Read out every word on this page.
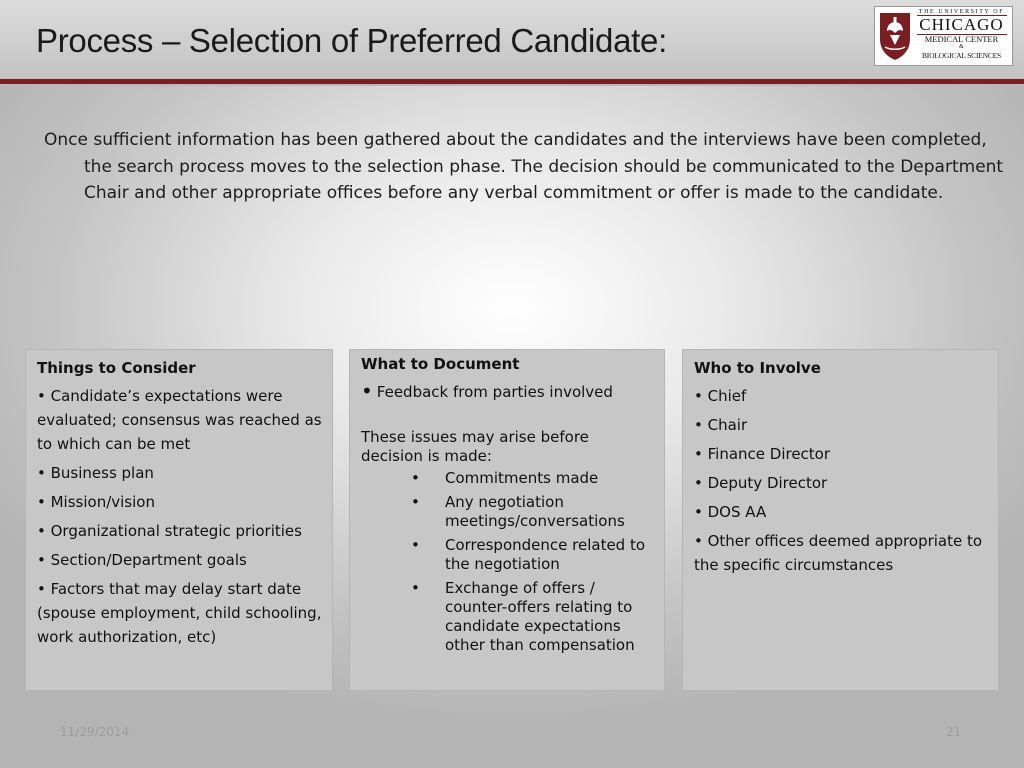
Process – Selection of Preferred Candidate:
THE UNIVERSITY OF
CHICAGO
MEDICAL CENTER
&
BIOLOGICAL SCIENCES
Once sufficient information has been gathered about the candidates and the interviews have been completed, the search process moves to the selection phase. The decision should be communicated to the Department Chair and other appropriate offices before any verbal commitment or offer is made to the candidate.
Things to Consider
• Candidate’s expectations were evaluated; consensus was reached as to which can be met
• Business plan
• Mission/vision
• Organizational strategic priorities
• Section/Department goals
• Factors that may delay start date (spouse employment, child schooling, work authorization, etc)
What to Document
• Feedback from parties involved
These issues may arise before decision is made:
• Commitments made
• Any negotiation meetings/conversations
• Correspondence related to the negotiation
• Exchange of offers / counter-offers relating to candidate expectations other than compensation
Who to Involve
• Chief
• Chair
• Finance Director
• Deputy Director
• DOS AA
• Other offices deemed appropriate to the specific circumstances
11/29/2014	21
